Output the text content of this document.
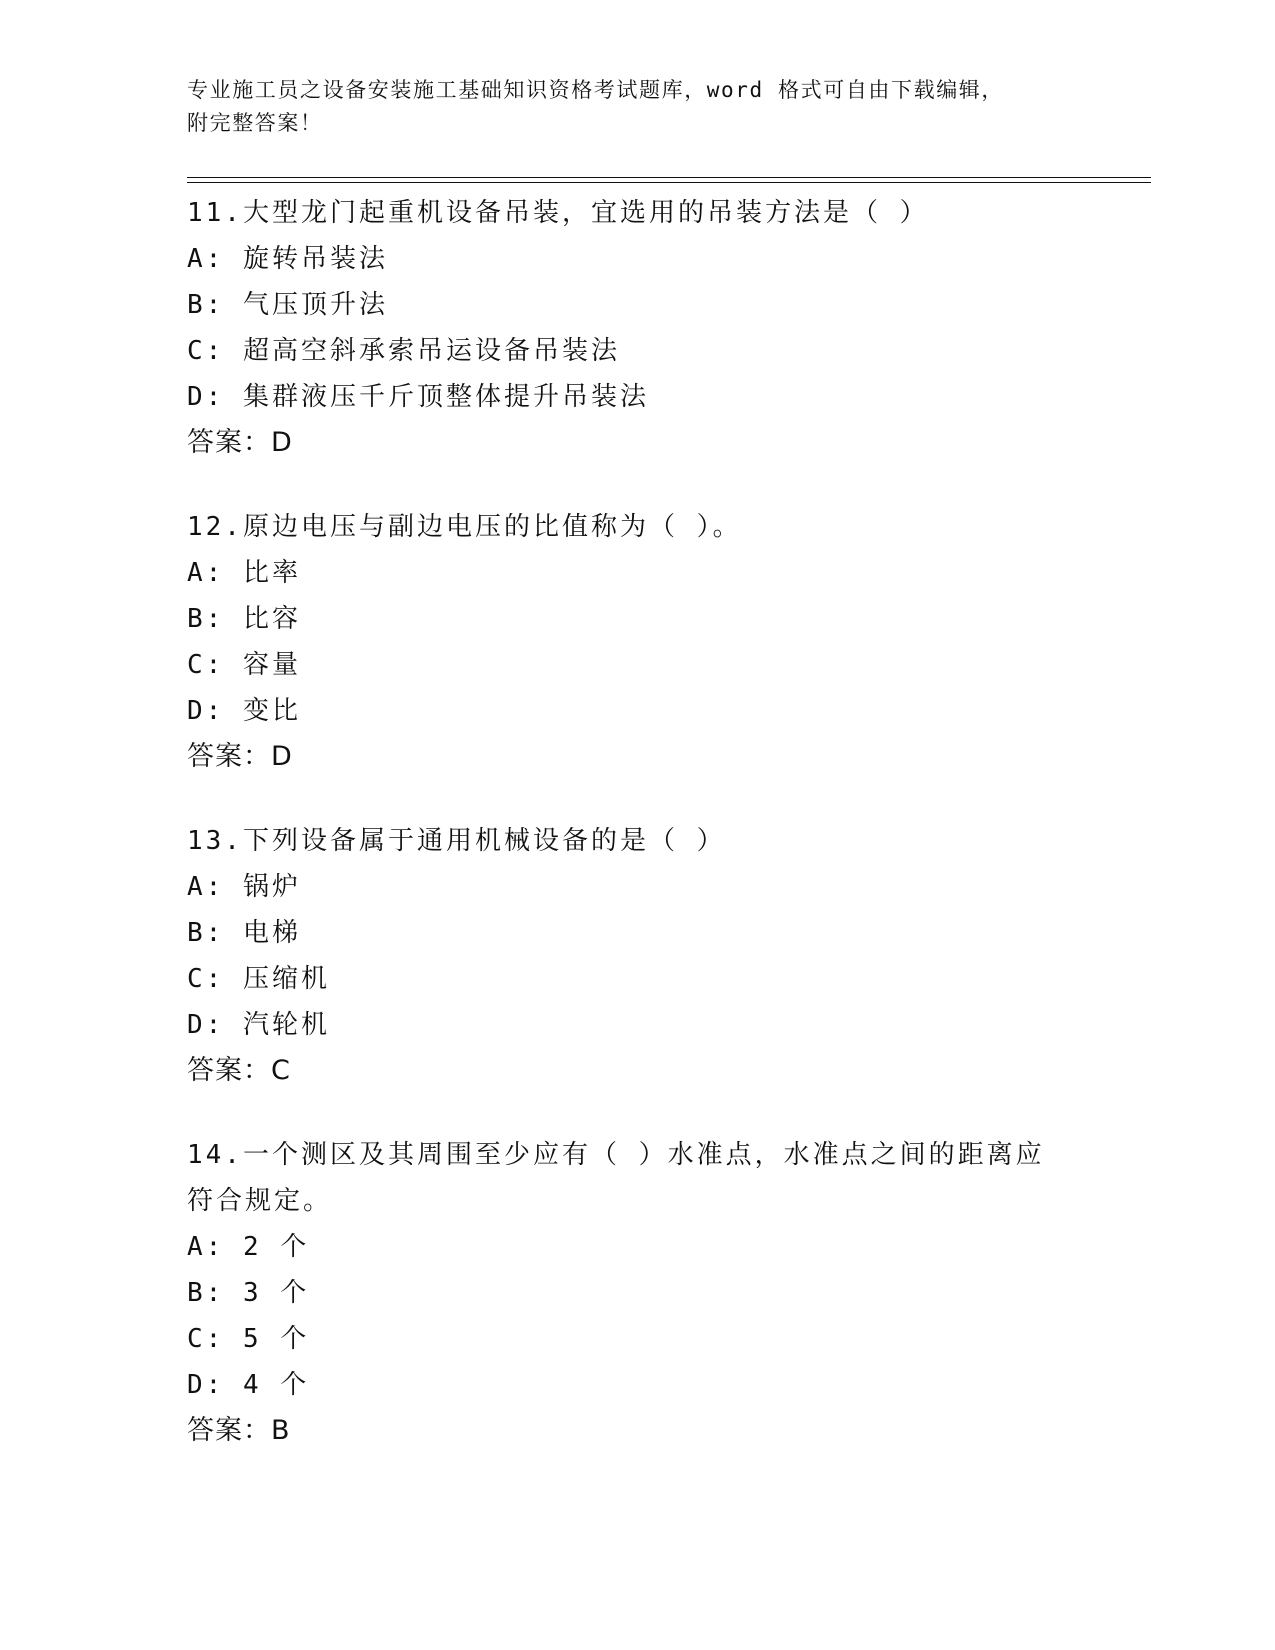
专业施工员之设备安装施工基础知识资格考试题库，word 格式可自由下载编辑，
附完整答案！
11.大型龙门起重机设备吊装，宜选用的吊装方法是（ ）
A: 旋转吊装法
B: 气压顶升法
C: 超高空斜承索吊运设备吊装法
D: 集群液压千斤顶整体提升吊装法
答案：D
12.原边电压与副边电压的比值称为（ ）。
A: 比率
B: 比容
C: 容量
D: 变比
答案：D
13.下列设备属于通用机械设备的是（ ）
A: 锅炉
B: 电梯
C: 压缩机
D: 汽轮机
答案：C
14.一个测区及其周围至少应有（ ）水准点，水准点之间的距离应符合规定。
A: 2 个
B: 3 个
C: 5 个
D: 4 个
答案：B
